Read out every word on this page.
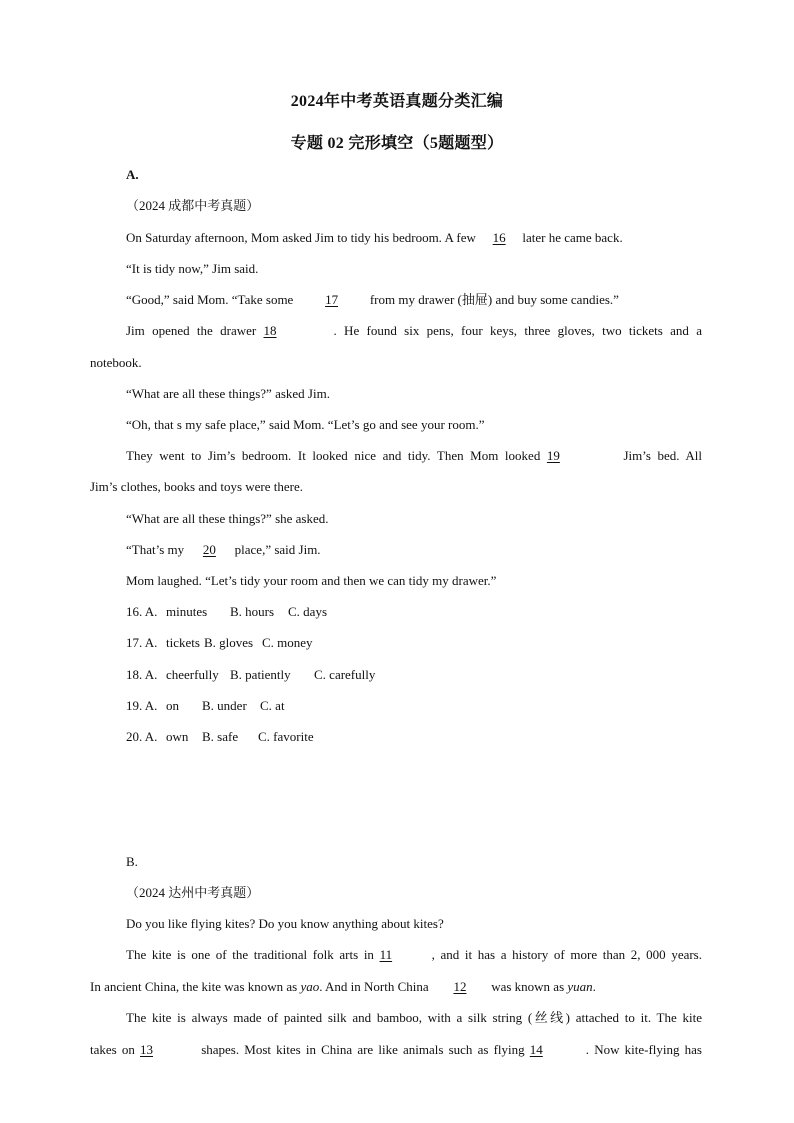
2024年中考英语真题分类汇编
专题 02 完形填空（5题题型）
A.
（2024 成都中考真题）
On Saturday afternoon, Mom asked Jim to tidy his bedroom. A few 16 later he came back.
“It is tidy now,” Jim said.
“Good,” said Mom. “Take some 17 from my drawer (抽屉) and buy some candies.”
Jim opened the drawer 18	. He found six pens, four keys, three gloves, two tickets and a
notebook.
“What are all these things?” asked Jim.
“Oh, that s my safe place,” said Mom. “Let’s go and see your room.”
They went to Jim’s bedroom. It looked nice and tidy. Then Mom looked 19	Jim’s bed. All
Jim’s clothes, books and toys were there.
“What are all these things?” she asked.
“That’s my 20 place,” said Jim.
Mom laughed. “Let’s tidy your room and then we can tidy my drawer.”
16. A. minutes B. hours C. days
17. A. tickets B. gloves C. money
18. A. cheerfully B. patiently C. carefully
19. A. on B. under C. at
20. A. own B. safe C. favorite
B.
（2024 达州中考真题）
Do you like flying kites? Do you know anything about kites?
The kite is one of the traditional folk arts in 11	, and it has a history of more than 2, 000 years.
In ancient China, the kite was known as yao. And in North China 12 was known as yuan.
The kite is always made of painted silk and bamboo, with a silk string (丝线) attached to it. The kite
takes on 13	shapes. Most kites in China are like animals such as flying 14	. Now kite-flying has
